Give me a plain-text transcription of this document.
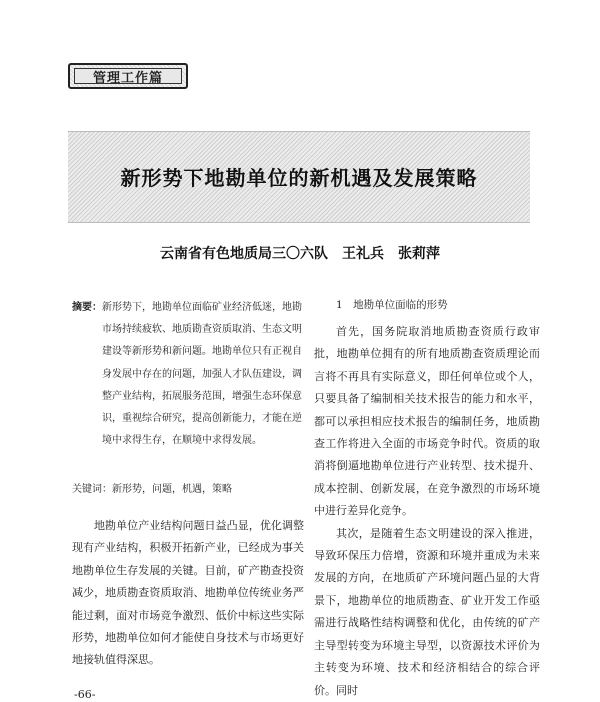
管理工作篇
新形势下地勘单位的新机遇及发展策略
云南省有色地质局三〇六队　王礼兵　张莉萍

摘要：新形势下，地勘单位面临矿业经济低迷，地勘市场持续疲软、地质勘查资质取消、生态文明建设等新形势和新问题。地勘单位只有正视自身发展中存在的问题，加强人才队伍建设，调整产业结构，拓展服务范围，增强生态环保意识，重视综合研究，提高创新能力，才能在逆境中求得生存，在顺境中求得发展。

关键词：新形势，问题，机遇，策略

地勘单位产业结构问题日益凸显，优化调整现有产业结构，积极开拓新产业，已经成为事关地勘单位生存发展的关键。目前，矿产勘查投资减少，地质勘查资质取消、地勘单位传统业务严能过剩，面对市场竞争激烈、低价中标这些实际形势，地勘单位如何才能使自身技术与市场更好地接轨值得深思。

1　地勘单位面临的形势

首先，国务院取消地质勘查资质行政审批，地勘单位拥有的所有地质勘查资质理论而言将不再具有实际意义，即任何单位或个人，只要具备了编制相关技术报告的能力和水平，都可以承担相应技术报告的编制任务，地质勘查工作将进入全面的市场竞争时代。资质的取消将倒逼地勘单位进行产业转型、技术提升、成本控制、创新发展，在竞争激烈的市场环境中进行差异化竞争。

其次，是随着生态文明建设的深入推进，导致环保压力倍增，资源和环境并重成为未来发展的方向，在地质矿产环境问题凸显的大背景下，地勘单位的地质勘查、矿业开发工作亟需进行战略性结构调整和优化，由传统的矿产主导型转变为环境主导型，以资源技术评价为主转变为环境、技术和经济相结合的综合评价。同时

-66-
